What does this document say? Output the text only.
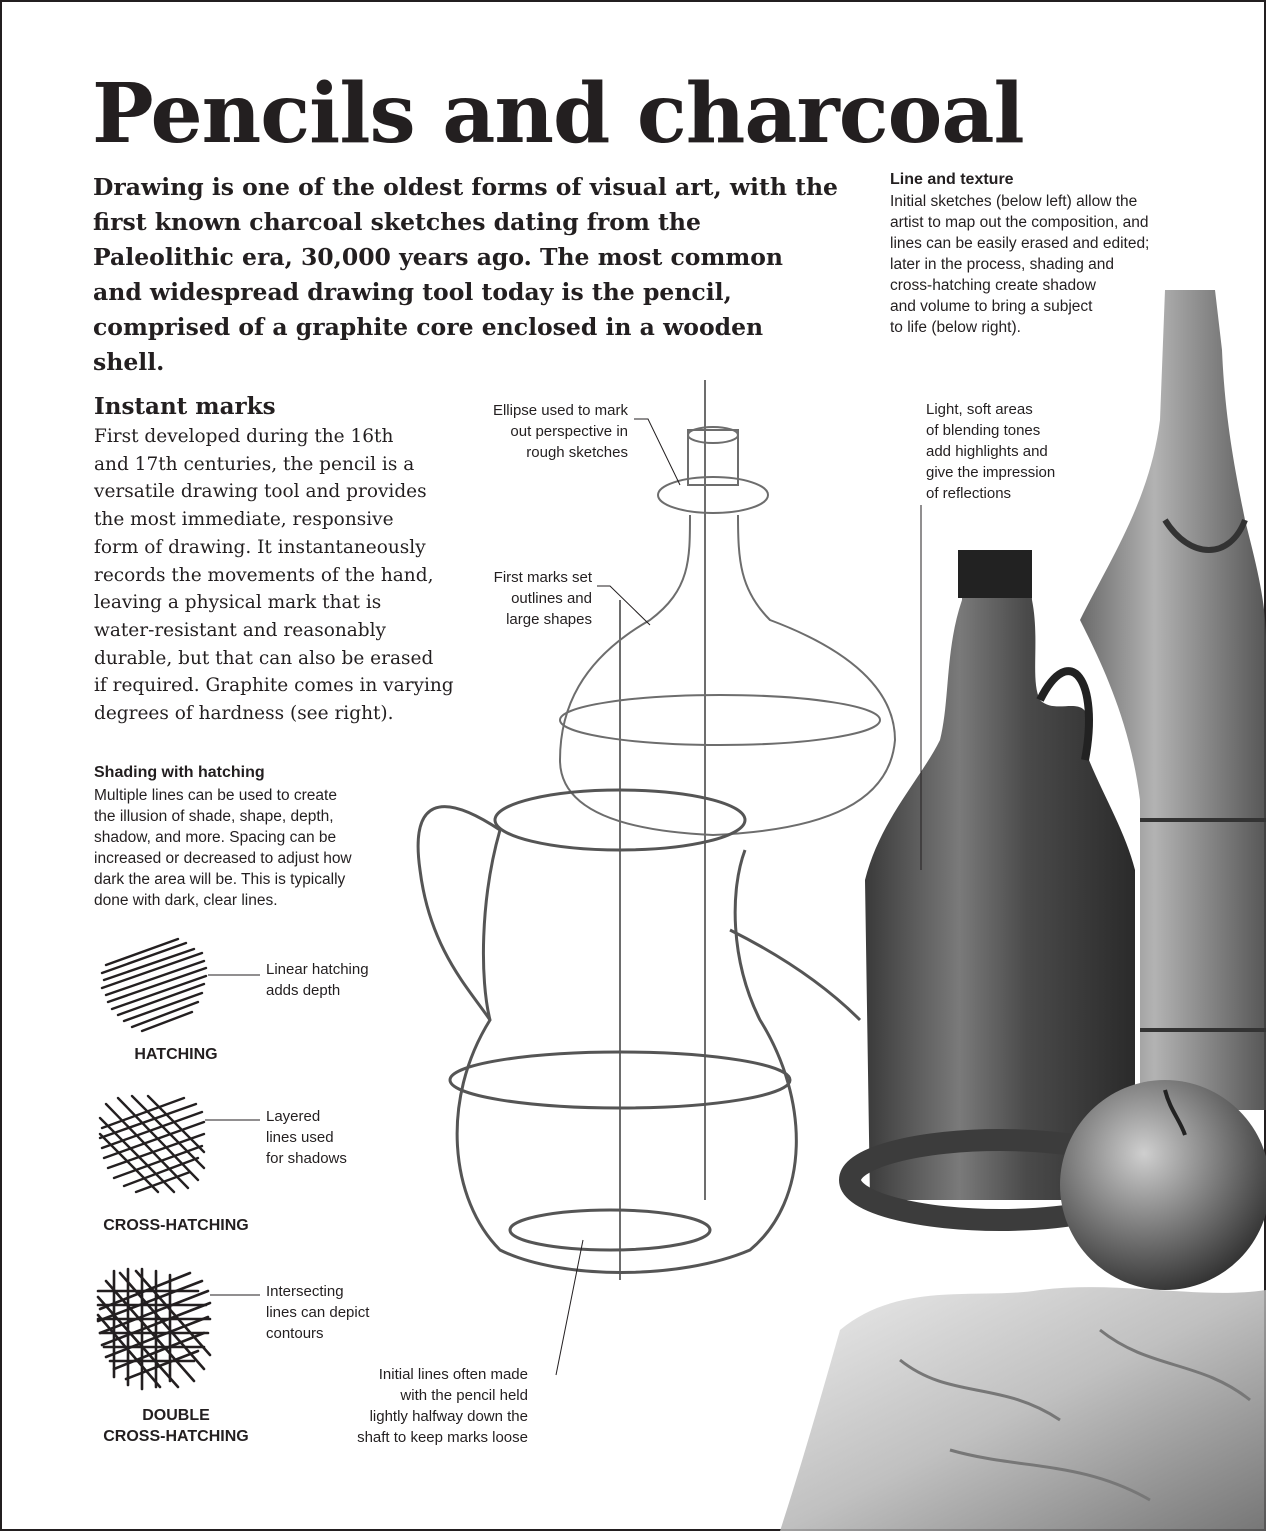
Pencils and charcoal

Drawing is one of the oldest forms of visual art, with the first known charcoal sketches dating from the Paleolithic era, 30,000 years ago. The most common and widespread drawing tool today is the pencil, comprised of a graphite core enclosed in a wooden shell.

Line and texture
Initial sketches (below left) allow the
artist to map out the composition, and
lines can be easily erased and edited;
later in the process, shading and
cross-hatching create shadow
and volume to bring a subject
to life (below right).
Instant marks
First developed during the 16th
and 17th centuries, the pencil is a
versatile drawing tool and provides
the most immediate, responsive
form of drawing. It instantaneously
records the movements of the hand,
leaving a physical mark that is
water-resistant and reasonably
durable, but that can also be erased
if required. Graphite comes in varying
degrees of hardness (see right).
Shading with hatching
Multiple lines can be used to create
the illusion of shade, shape, depth,
shadow, and more. Spacing can be
increased or decreased to adjust how
dark the area will be. This is typically
done with dark, clear lines.
HATCHING
Linear hatching
adds depth
CROSS-HATCHING
Layered
lines used
for shadows
DOUBLE
CROSS-HATCHING
Intersecting
lines can depict
contours
Ellipse used to mark
out perspective in
rough sketches
First marks set
outlines and
large shapes
Light, soft areas
of blending tones
add highlights and
give the impression
of reflections
Initial lines often made
with the pencil held
lightly halfway down the
shaft to keep marks loose
